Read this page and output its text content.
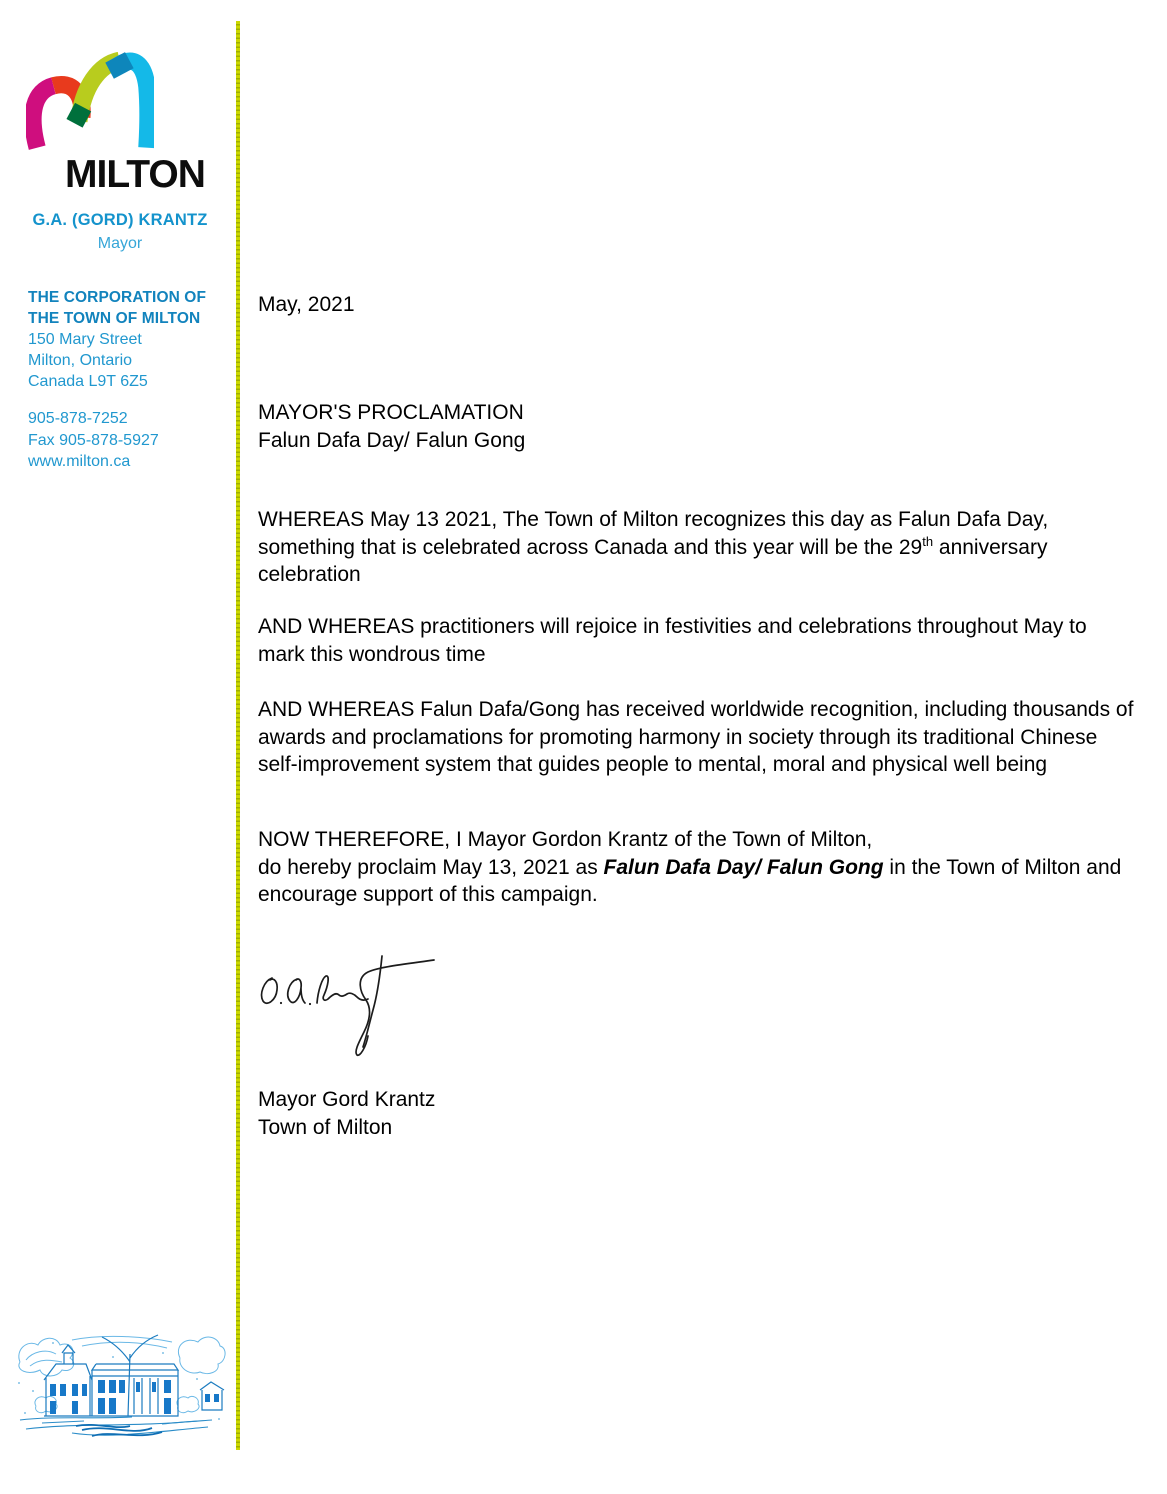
MILTON
G.A. (GORD) KRANTZ
Mayor
THE CORPORATION OF
THE TOWN OF MILTON
150 Mary Street
Milton, Ontario
Canada L9T 6Z5
905-878-7252
Fax 905-878-5927
www.milton.ca
May, 2021
MAYOR'S PROCLAMATION
Falun Dafa Day/ Falun Gong

WHEREAS May 13 2021, The Town of Milton recognizes this day as Falun Dafa Day, something that is celebrated across Canada and this year will be the 29th anniversary celebration

AND WHEREAS practitioners will rejoice in festivities and celebrations throughout May to mark this wondrous time

AND WHEREAS Falun Dafa/Gong has received worldwide recognition, including thousands of awards and proclamations for promoting harmony in society through its traditional Chinese self-improvement system that guides people to mental, moral and physical well being

NOW THEREFORE, I Mayor Gordon Krantz of the Town of Milton,
do hereby proclaim May 13, 2021 as Falun Dafa Day/ Falun Gong in the Town of Milton and encourage support of this campaign.

Mayor Gord Krantz
Town of Milton
